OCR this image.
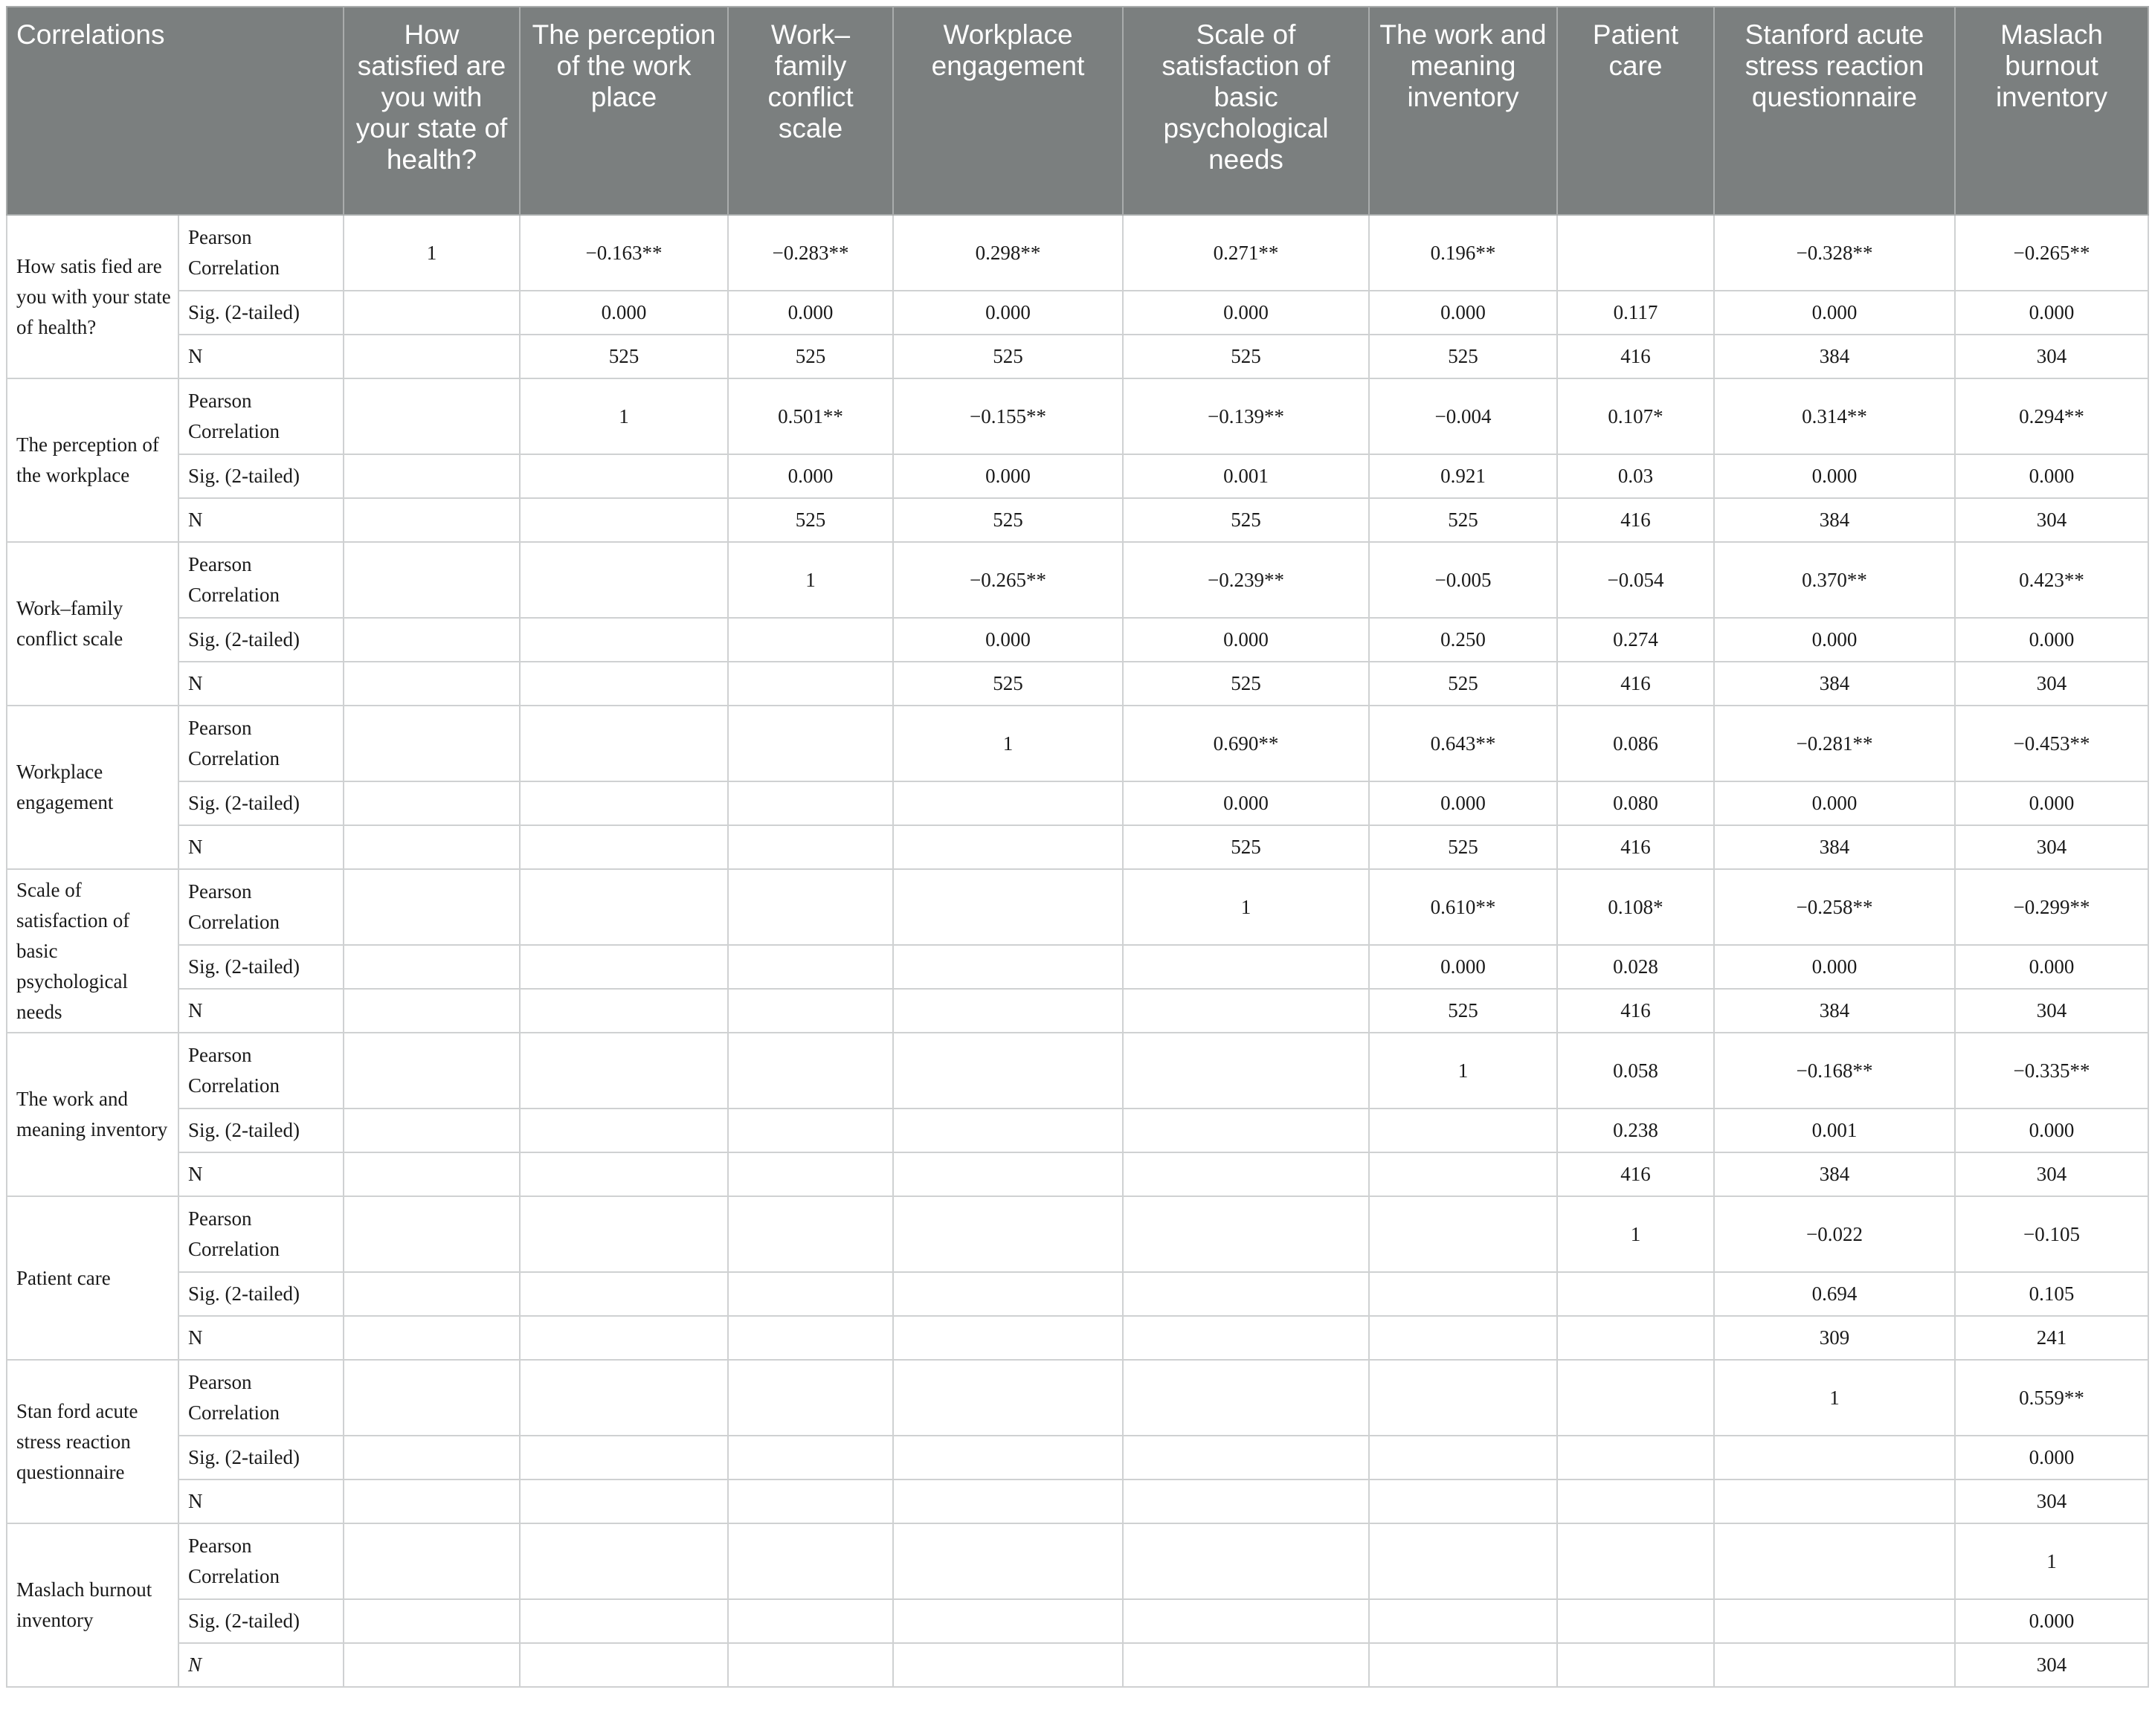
Correlations		How satisfied are you with your state of health?	The perception of the work place	Work–family conflict scale	Workplace engagement	Scale of satisfaction of basic psychological needs	The work and meaning inventory	Patient care	Stanford acute stress reaction questionnaire	Maslach burnout inventory
How satis fied are you with your state of health?	Pearson Correlation	1	−0.163**	−0.283**	0.298**	0.271**	0.196**		−0.328**	−0.265**
	Sig. (2-tailed)		0.000	0.000	0.000	0.000	0.000	0.117	0.000	0.000
	N		525	525	525	525	525	416	384	304
The perception of the workplace	Pearson Correlation		1	0.501**	−0.155**	−0.139**	−0.004	0.107*	0.314**	0.294**
	Sig. (2-tailed)			0.000	0.000	0.001	0.921	0.03	0.000	0.000
	N			525	525	525	525	416	384	304
Work–family conflict scale	Pearson Correlation			1	−0.265**	−0.239**	−0.005	−0.054	0.370**	0.423**
	Sig. (2-tailed)				0.000	0.000	0.250	0.274	0.000	0.000
	N				525	525	525	416	384	304
Workplace engagement	Pearson Correlation				1	0.690**	0.643**	0.086	−0.281**	−0.453**
	Sig. (2-tailed)					0.000	0.000	0.080	0.000	0.000
	N					525	525	416	384	304
Scale of satisfaction of basic psychological needs	Pearson Correlation					1	0.610**	0.108*	−0.258**	−0.299**
	Sig. (2-tailed)						0.000	0.028	0.000	0.000
	N						525	416	384	304
The work and meaning inventory	Pearson Correlation						1	0.058	−0.168**	−0.335**
	Sig. (2-tailed)							0.238	0.001	0.000
	N							416	384	304
Patient care	Pearson Correlation							1	−0.022	−0.105
	Sig. (2-tailed)								0.694	0.105
	N								309	241
Stan ford acute stress reaction questionnaire	Pearson Correlation								1	0.559**
	Sig. (2-tailed)									0.000
	N									304
Maslach burnout inventory	Pearson Correlation									1
	Sig. (2-tailed)									0.000
	N									304
